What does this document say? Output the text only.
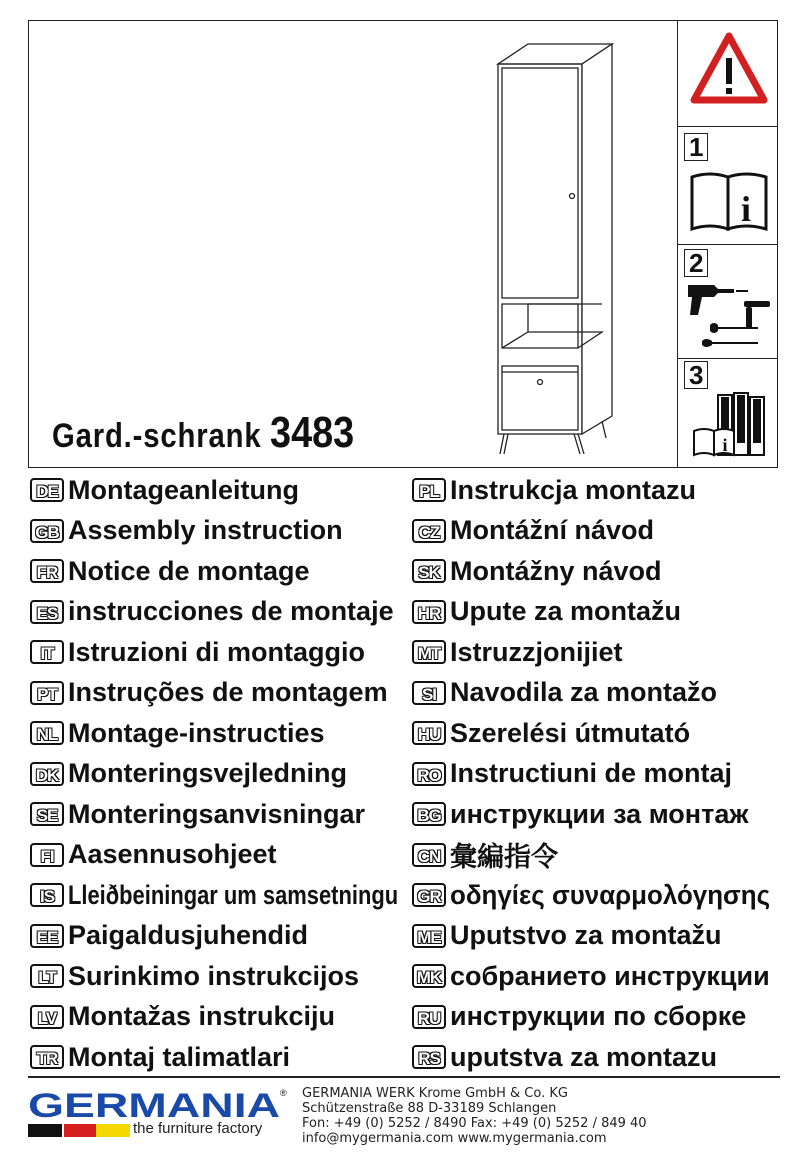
Gard.-schrank 3483
1
i
2
3
i
DE Montageanleitung
GB Assembly instruction
FR Notice de montage
ES instrucciones de montaje
IT Istruzioni di montaggio
PT Instruções de montagem
NL Montage-instructies
DK Monteringsvejledning
SE Monteringsanvisningar
FI Aasennusohjeet
IS Lleiðbeiningar um samsetningu
EE Paigaldusjuhendid
LT Surinkimo instrukcijos
LV Montažas instrukciju
TR Montaj talimatlari
PL Instrukcja montazu
CZ Montážní návod
SK Montážny návod
HR Upute za montažu
MT Istruzzjonijiet
SI Navodila za montažo
HU Szerelési útmutató
RO Instructiuni de montaj
BG инструкции за монтаж
CN 彙編指令
GR οδηγίες συναρμολόγησης
ME Uputstvo za montažu
MK собранието инструкции
RU инструкции по сборке
RS uputstva za montazu
GERMANIA ®
the furniture factory
GERMANIA WERK Krome GmbH & Co. KG
Schützenstraße 88 D-33189 Schlangen
Fon: +49 (0) 5252 / 8490 Fax: +49 (0) 5252 / 849 40
info@mygermania.com www.mygermania.com
